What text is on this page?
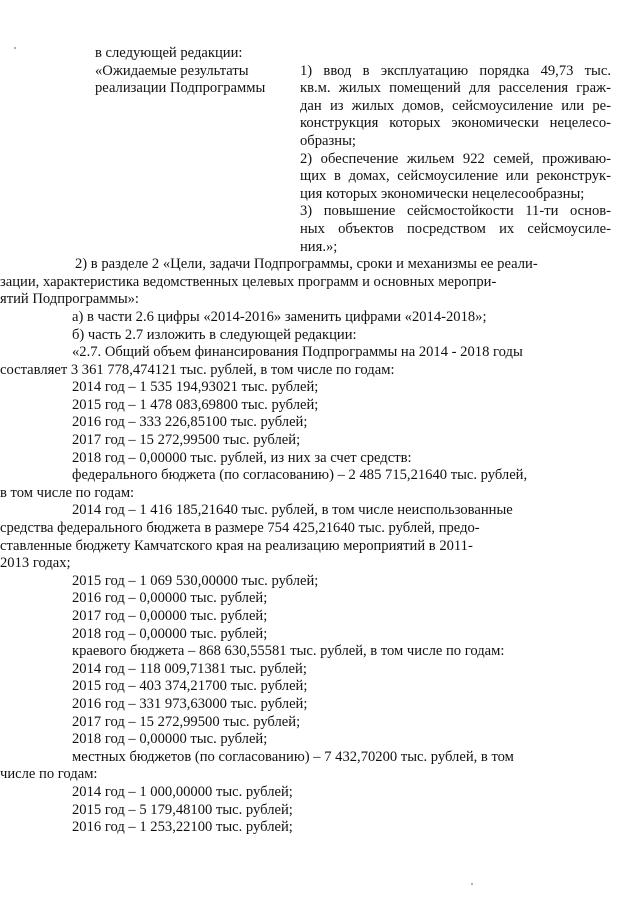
в следующей редакции:

«Ожидаемые результаты

реализации Подпрограммы

1) ввод в эксплуатацию порядка 49,73 тыс.

кв.м. жилых помещений для расселения граж-

дан из жилых домов, сейсмоусиление или ре-

конструкция которых экономически нецелесо-

образны;

2) обеспечение жильем 922 семей, проживаю-

щих в домах, сейсмоусиление или реконструк-

ция которых экономически нецелесообразны;

3) повышение сейсмостойкости 11-ти основ-

ных объектов посредством их сейсмоусиле-

ния.»;

2) в разделе 2 «Цели, задачи Подпрограммы, сроки и механизмы ее реали-

зации, характеристика ведомственных целевых программ и основных меропри-

ятий Подпрограммы»:

а) в части 2.6 цифры «2014-2016» заменить цифрами «2014-2018»;

б) часть 2.7 изложить в следующей редакции:

«2.7. Общий объем финансирования Подпрограммы на 2014 - 2018 годы

составляет 3 361 778,474121 тыс. рублей, в том числе по годам:

2014 год – 1 535 194,93021 тыс. рублей;

2015 год – 1 478 083,69800 тыс. рублей;

2016 год – 333 226,85100 тыс. рублей;

2017 год – 15 272,99500 тыс. рублей;

2018 год – 0,00000 тыс. рублей, из них за счет средств:

федерального бюджета (по согласованию) – 2 485 715,21640 тыс. рублей,

в том числе по годам:

2014 год – 1 416 185,21640 тыс. рублей, в том числе неиспользованные

средства федерального бюджета в размере 754 425,21640 тыс. рублей, предо-

ставленные бюджету Камчатского края на реализацию мероприятий в 2011-

2013 годах;

2015 год – 1 069 530,00000 тыс. рублей;

2016 год – 0,00000 тыс. рублей;

2017 год – 0,00000 тыс. рублей;

2018 год – 0,00000 тыс. рублей;

краевого бюджета – 868 630,55581 тыс. рублей, в том числе по годам:

2014 год – 118 009,71381 тыс. рублей;

2015 год – 403 374,21700 тыс. рублей;

2016 год – 331 973,63000 тыс. рублей;

2017 год – 15 272,99500 тыс. рублей;

2018 год – 0,00000 тыс. рублей;

местных бюджетов (по согласованию) – 7 432,70200 тыс. рублей, в том

числе по годам:

2014 год – 1 000,00000 тыс. рублей;

2015 год – 5 179,48100 тыс. рублей;

2016 год – 1 253,22100 тыс. рублей;
